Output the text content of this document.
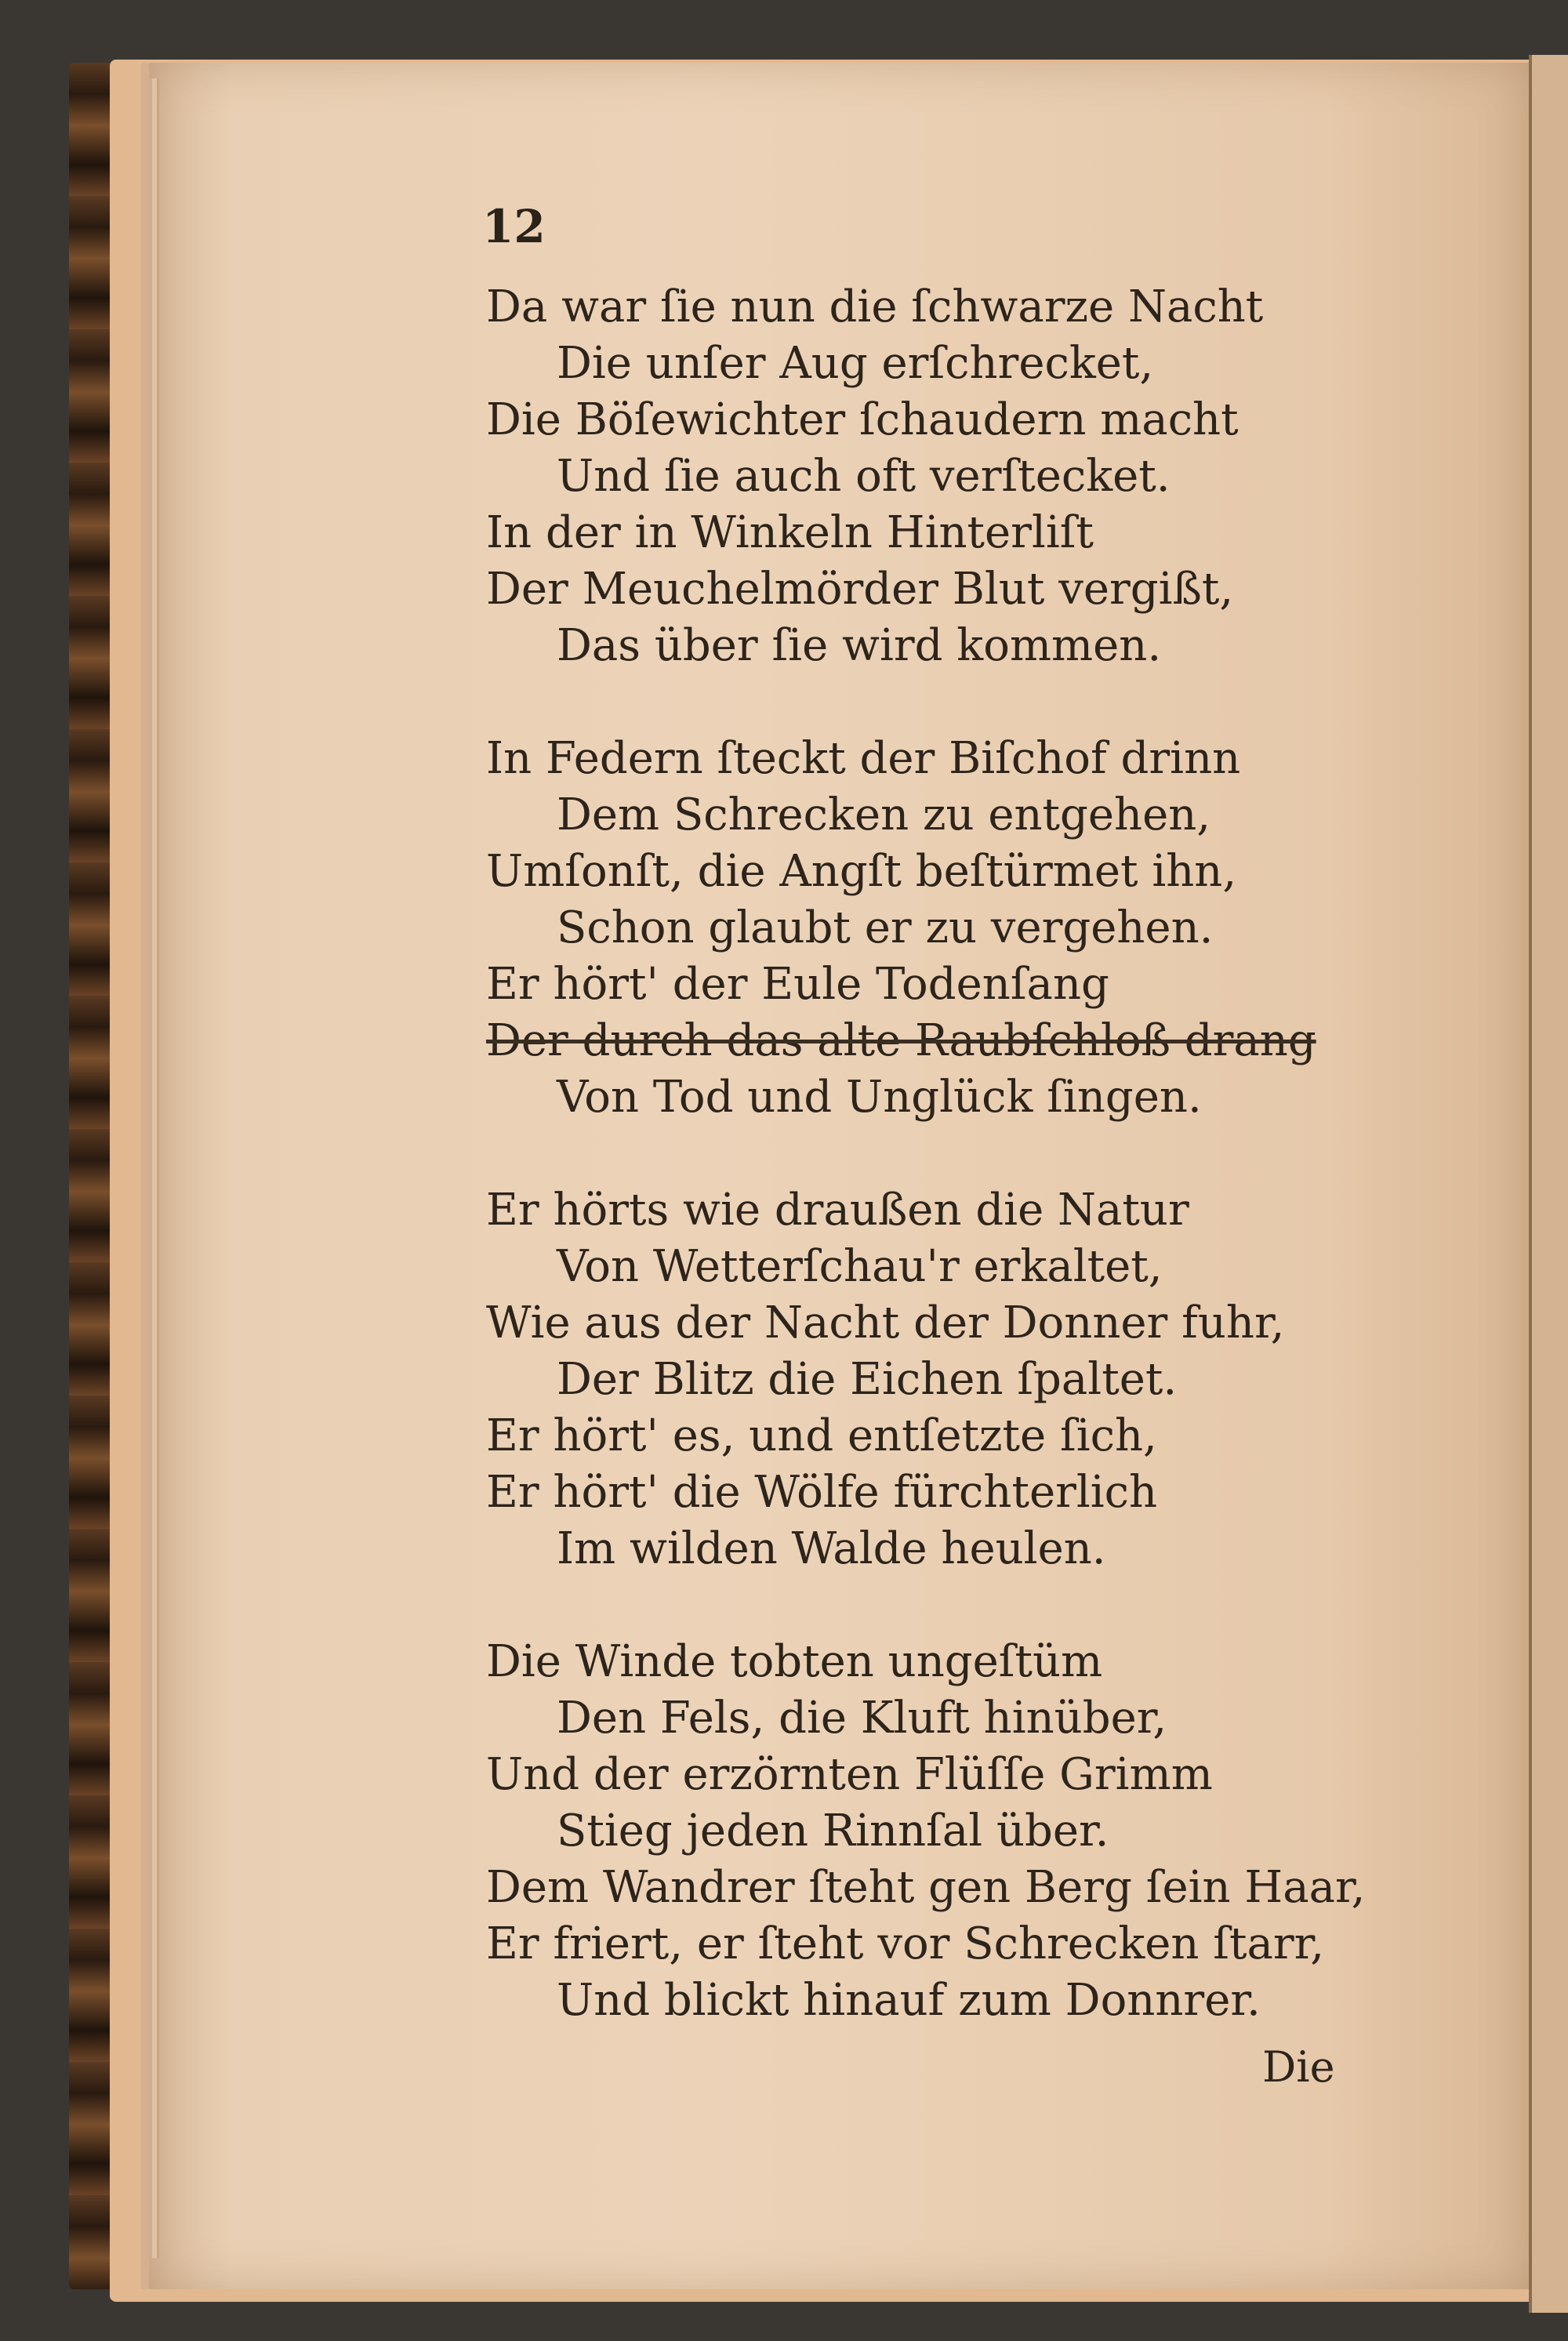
12
Da war ſie nun die ſchwarze Nacht
Die unſer Aug erſchrecket,
Die Böſewichter ſchaudern macht
Und ſie auch oft verſtecket.
In der in Winkeln Hinterliſt
Der Meuchelmörder Blut vergißt,
Das über ſie wird kommen.
In Federn ſteckt der Biſchof drinn
Dem Schrecken zu entgehen,
Umſonſt, die Angſt beſtürmet ihn,
Schon glaubt er zu vergehen.
Er hört' der Eule Todenſang
Der durch das alte Raubſchloß drang
Von Tod und Unglück ſingen.
Er hörts wie draußen die Natur
Von Wetterſchau'r erkaltet,
Wie aus der Nacht der Donner fuhr,
Der Blitz die Eichen ſpaltet.
Er hört' es, und entſetzte ſich,
Er hört' die Wölfe fürchterlich
Im wilden Walde heulen.
Die Winde tobten ungeſtüm
Den Fels, die Kluft hinüber,
Und der erzörnten Flüſſe Grimm
Stieg jeden Rinnſal über.
Dem Wandrer ſteht gen Berg ſein Haar,
Er friert, er ſteht vor Schrecken ſtarr,
Und blickt hinauf zum Donnrer.
Die
